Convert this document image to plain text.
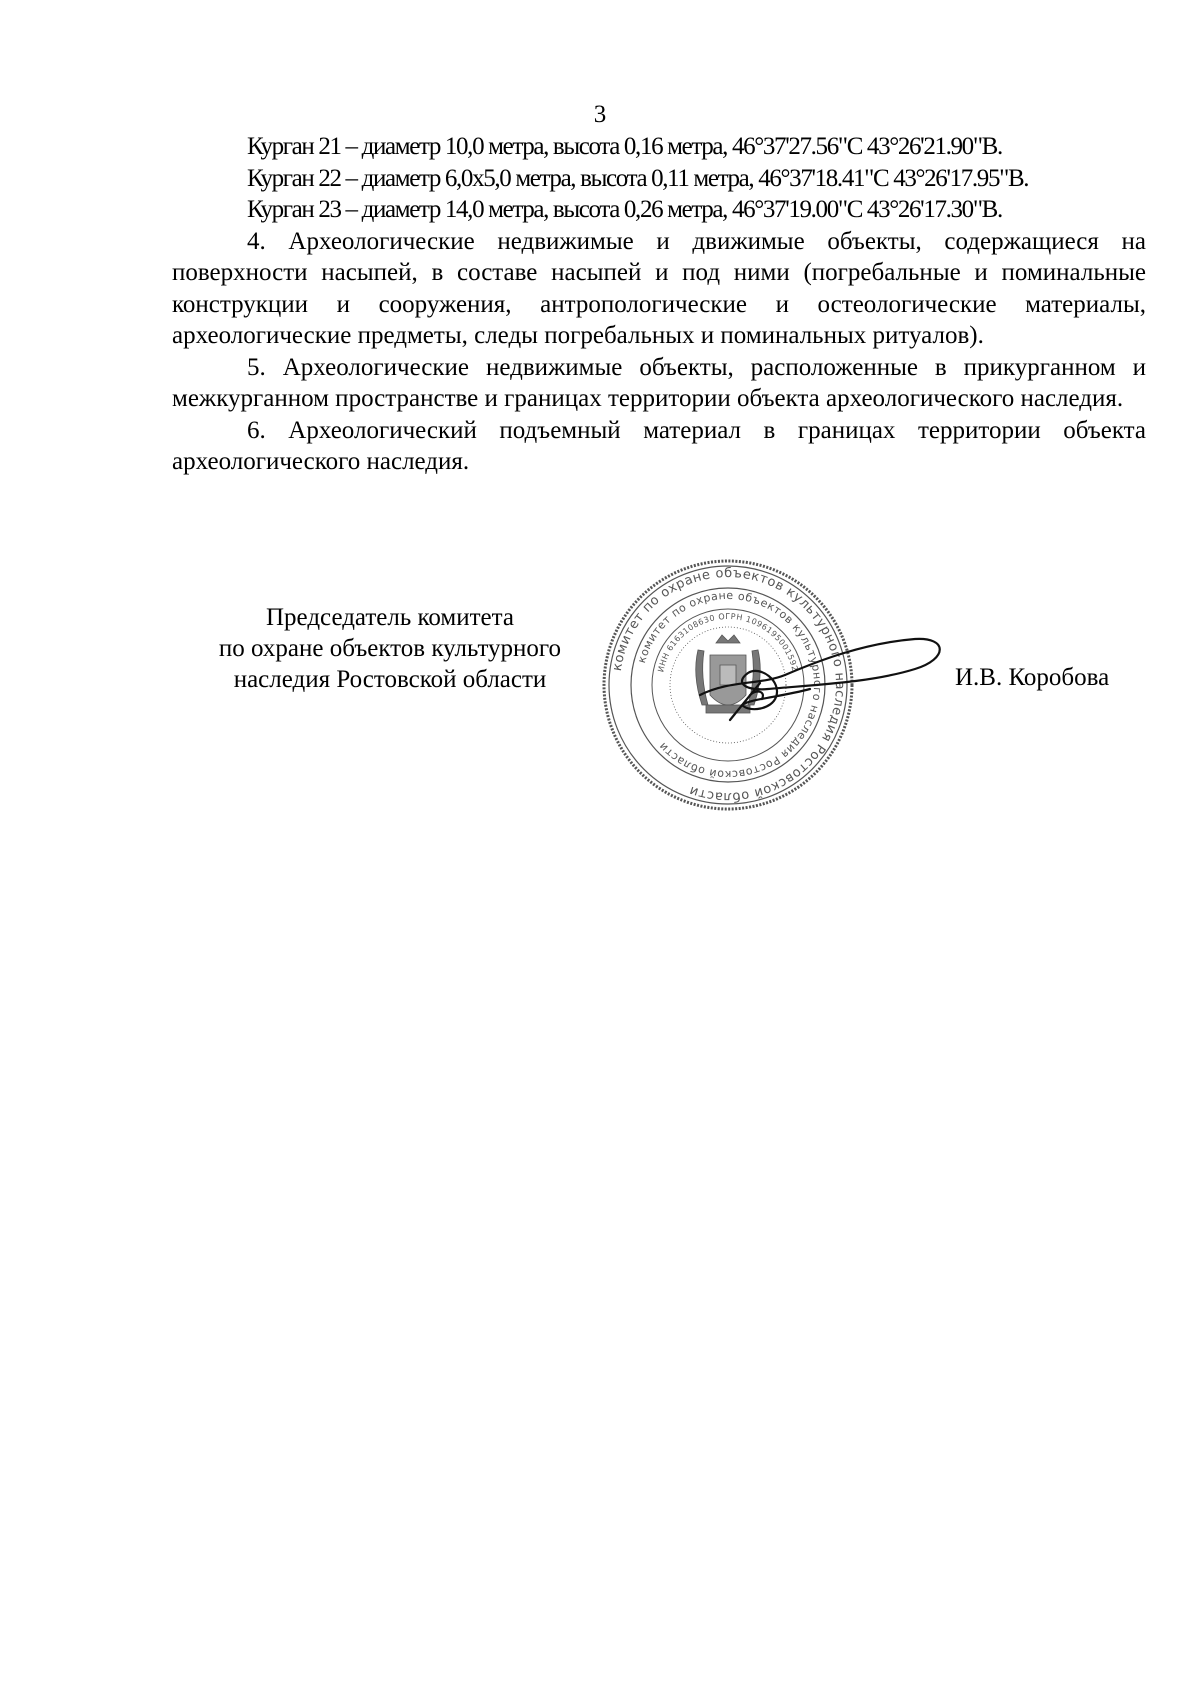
3
Курган 21 – диаметр 10,0 метра, высота 0,16 метра, 46°37'27.56"С 43°26'21.90"В.
Курган 22 – диаметр 6,0х5,0 метра, высота 0,11 метра, 46°37'18.41"С 43°26'17.95"В.
Курган 23 – диаметр 14,0 метра, высота 0,26 метра, 46°37'19.00"С 43°26'17.30"В.

4. Археологические недвижимые и движимые объекты, содержащиеся на поверхности насыпей, в составе насыпей и под ними (погребальные и поминальные конструкции и сооружения, антропологические и остеологические материалы, археологические предметы, следы погребальных и поминальных ритуалов).

5. Археологические недвижимые объекты, расположенные в прикурганном и межкурганном пространстве и границах территории объекта археологического наследия.

6. Археологический подъемный материал в границах территории объекта археологического наследия.

Председатель комитета
по охране объектов культурного
наследия Ростовской области	комитет по охране объектов культурного наследия Ростовской области
комитет по охране объектов культурного наследия Ростовской области
ИНН 6163108630 ОГРН 1096195001592	И.В. Коробова
